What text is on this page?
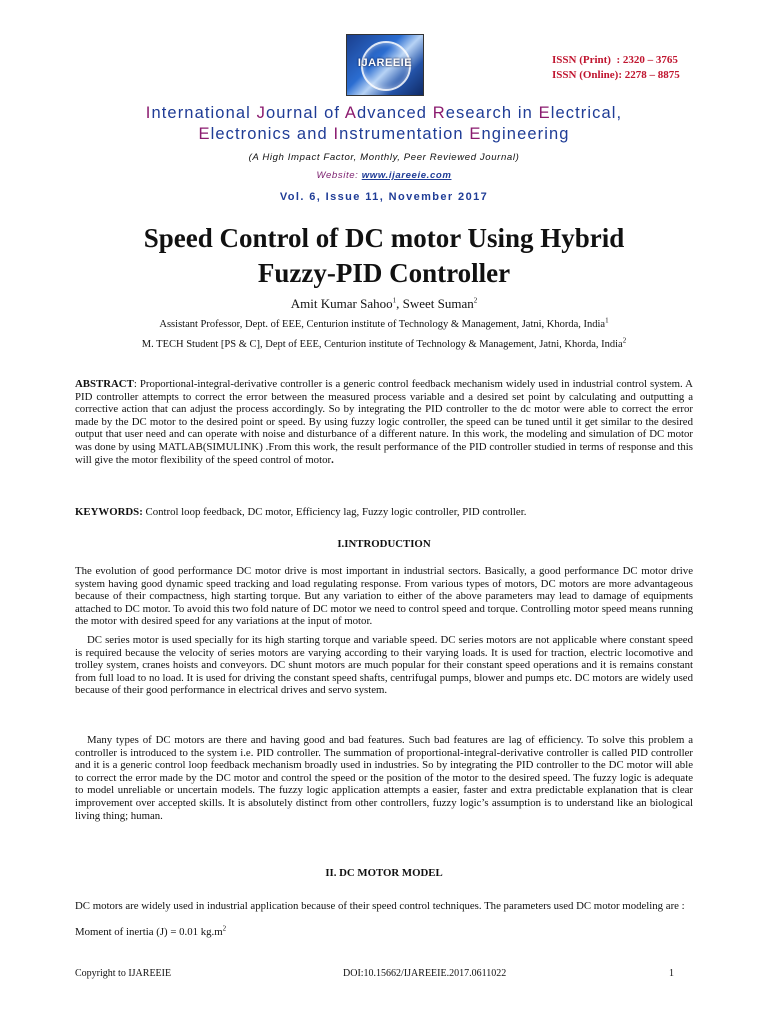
IJAREEIE	ISSN (Print)  : 2320 – 3765
ISSN (Online): 2278 – 8875
International Journal of Advanced Research in Electrical,
Electronics and Instrumentation Engineering
(A High Impact Factor, Monthly, Peer Reviewed Journal)
Website: www.ijareeie.com
Vol. 6, Issue 11, November 2017
Speed Control of DC motor Using Hybrid
Fuzzy-PID Controller
Amit Kumar Sahoo$^1$, Sweet Suman$^2$
Assistant Professor, Dept. of EEE, Centurion institute of Technology & Management, Jatni, Khorda, India$^1$
M. TECH Student [PS & C], Dept of EEE, Centurion institute of Technology & Management, Jatni, Khorda, India$^2$
ABSTRACT: Proportional-integral-derivative controller is a generic control feedback mechanism widely used in industrial control system. A PID controller attempts to correct the error between the measured process variable and a desired set point by calculating and outputting a corrective action that can adjust the process accordingly. So by integrating the PID controller to the dc motor were able to correct the error made by the DC motor to the desired point or speed. By using fuzzy logic controller, the speed can be tuned until it get similar to the desired output that user need and can operate with noise and disturbance of a different nature. In this work, the modeling and simulation of DC motor was done by using MATLAB(SIMULINK) .From this work, the result performance of the PID controller studied in terms of response and this will give the motor flexibility of the speed control of motor.
KEYWORDS: Control loop feedback, DC motor, Efficiency lag, Fuzzy logic controller, PID controller.
I.INTRODUCTION
The evolution of good performance DC motor drive is most important in industrial sectors. Basically, a good performance DC motor drive system having good dynamic speed tracking and load regulating response. From various types of motors, DC motors are more advantageous because of their compactness, high starting torque. But any variation to either of the above parameters may lead to damage of equipments attached to DC motor. To avoid this two fold nature of DC motor we need to control speed and torque. Controlling motor speed means running the motor with desired speed for any variations at the input of motor.
DC series motor is used specially for its high starting torque and variable speed. DC series motors are not applicable where constant speed is required because the velocity of series motors are varying according to their varying loads. It is used for traction, electric locomotive and trolley system, cranes hoists and conveyors. DC shunt motors are much popular for their constant speed operations and it is remains constant from full load to no load. It is used for driving the constant speed shafts, centrifugal pumps, blower and pumps etc. DC motors are widely used because of their good performance in electrical drives and servo system.
Many types of DC motors are there and having good and bad features. Such bad features are lag of efficiency. To solve this problem a controller is introduced to the system i.e. PID controller. The summation of proportional-integral-derivative controller is called PID controller and it is a generic control loop feedback mechanism broadly used in industries. So by integrating the PID controller to the DC motor will able to correct the error made by the DC motor and control the speed or the position of the motor to the desired speed. The fuzzy logic is adequate to model unreliable or uncertain models. The fuzzy logic application attempts a easier, faster and extra predictable explanation that is clear improvement over accepted skills. It is absolutely distinct from other controllers, fuzzy logic’s assumption is to understand like an biological living thing; human.
II. DC MOTOR MODEL
DC motors are widely used in industrial application because of their speed control techniques. The parameters used DC motor modeling are :
Moment of inertia (J) = 0.01 $kg.m^2$
Copyright to IJAREEIE	DOI:10.15662/IJAREEIE.2017.0611022	1
